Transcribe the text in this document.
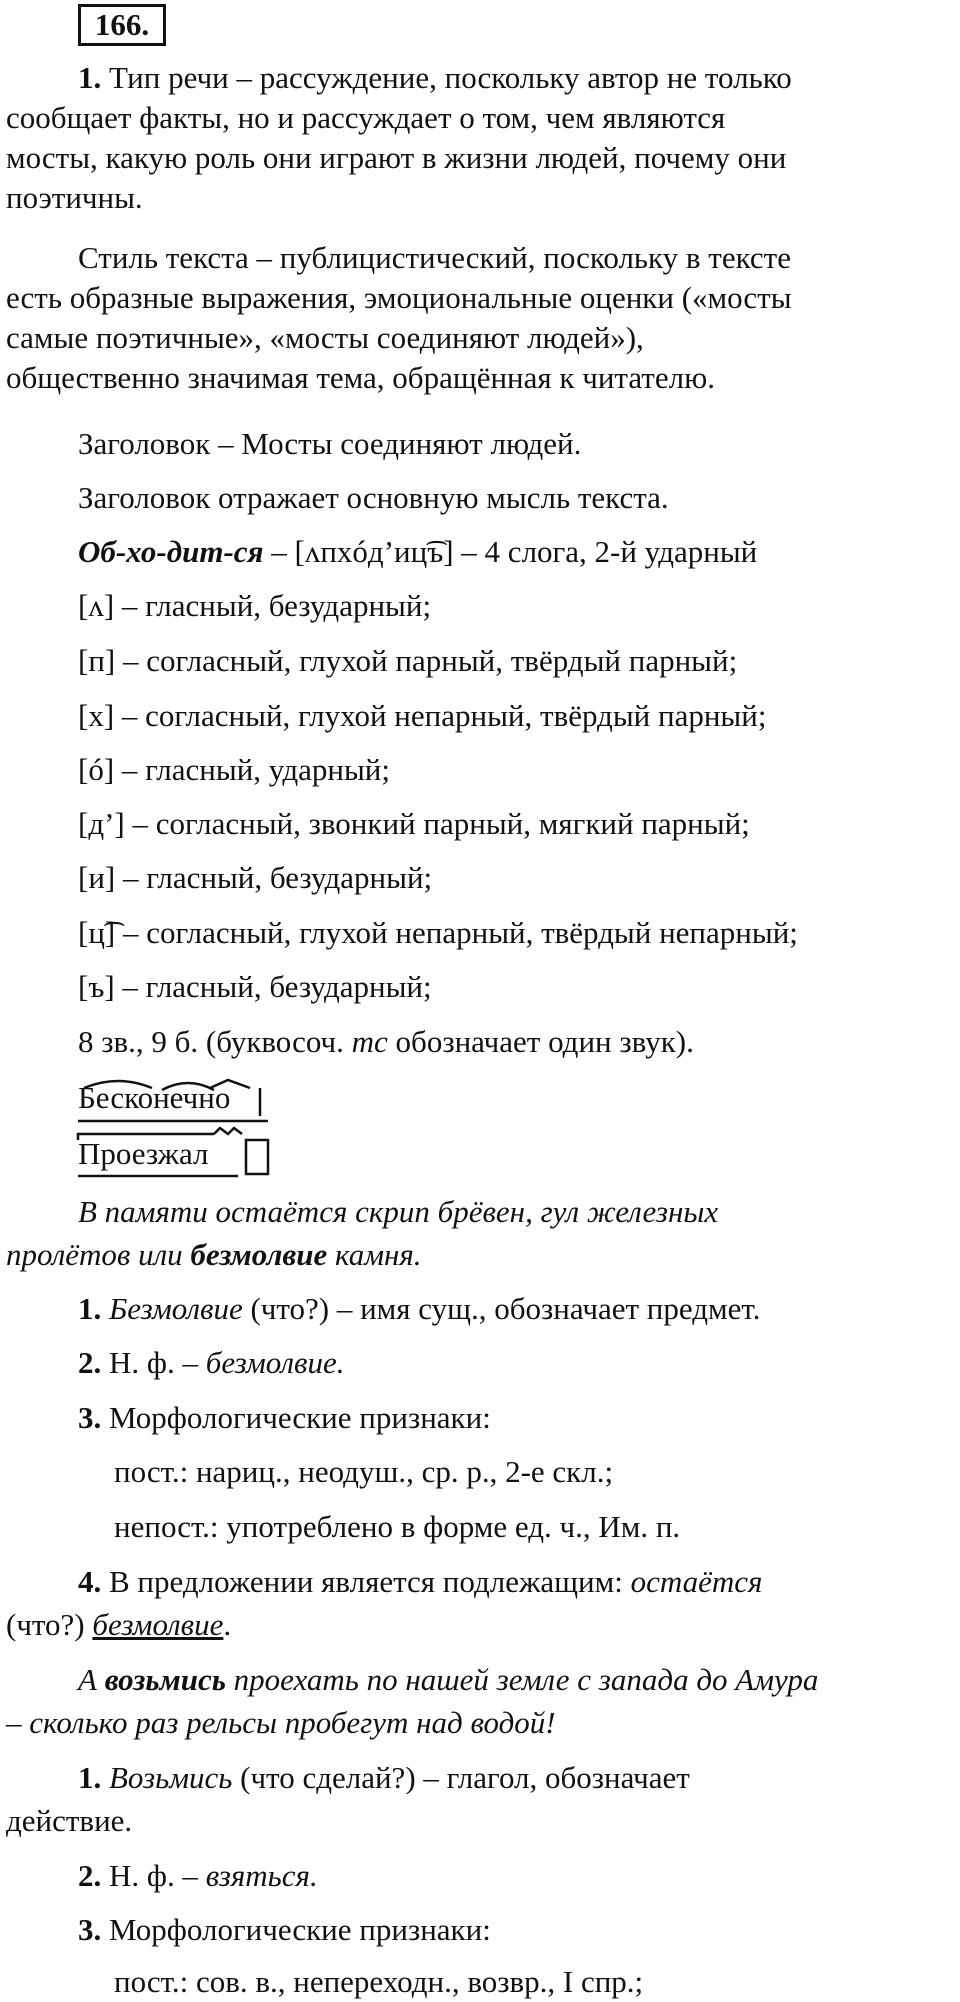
166.
1. Тип речи – рассуждение, поскольку автор не только
сообщает факты, но и рассуждает о том, чем являются
мосты, какую роль они играют в жизни людей, почему они
поэтичны.
Стиль текста – публицистический, поскольку в тексте
есть образные выражения, эмоциональные оценки («мосты
самые поэтичные», «мосты соединяют людей»),
общественно значимая тема, обращённая к читателю.
Заголовок – Мосты соединяют людей.
Заголовок отражает основную мысль текста.
Об-хо-дит-ся – [ʌпхóд’иц͡ъ] – 4 слога, 2-й ударный
[ʌ] – гласный, безударный;
[п] – согласный, глухой парный, твёрдый парный;
[х] – согласный, глухой непарный, твёрдый парный;
[ó] – гласный, ударный;
[д’] – согласный, звонкий парный, мягкий парный;
[и] – гласный, безударный;
[ц͡] – согласный, глухой непарный, твёрдый непарный;
[ъ] – гласный, безударный;
8 зв., 9 б. (буквосоч. тс обозначает один звук).
Бесконечно
Проезжал
В памяти остаётся скрип брёвен, гул железных
пролётов или безмолвие камня.
1. Безмолвие (что?) – имя сущ., обозначает предмет.
2. Н. ф. – безмолвие.
3. Морфологические признаки:
пост.: нариц., неодуш., ср. р., 2-е скл.;
непост.: употреблено в форме ед. ч., Им. п.
4. В предложении является подлежащим: остаётся
(что?) безмолвие.
А возьмись проехать по нашей земле с запада до Амура
– сколько раз рельсы пробегут над водой!
1. Возьмись (что сделай?) – глагол, обозначает
действие.
2. Н. ф. – взяться.
3. Морфологические признаки:
пост.: сов. в., непереходн., возвр., I спр.;
